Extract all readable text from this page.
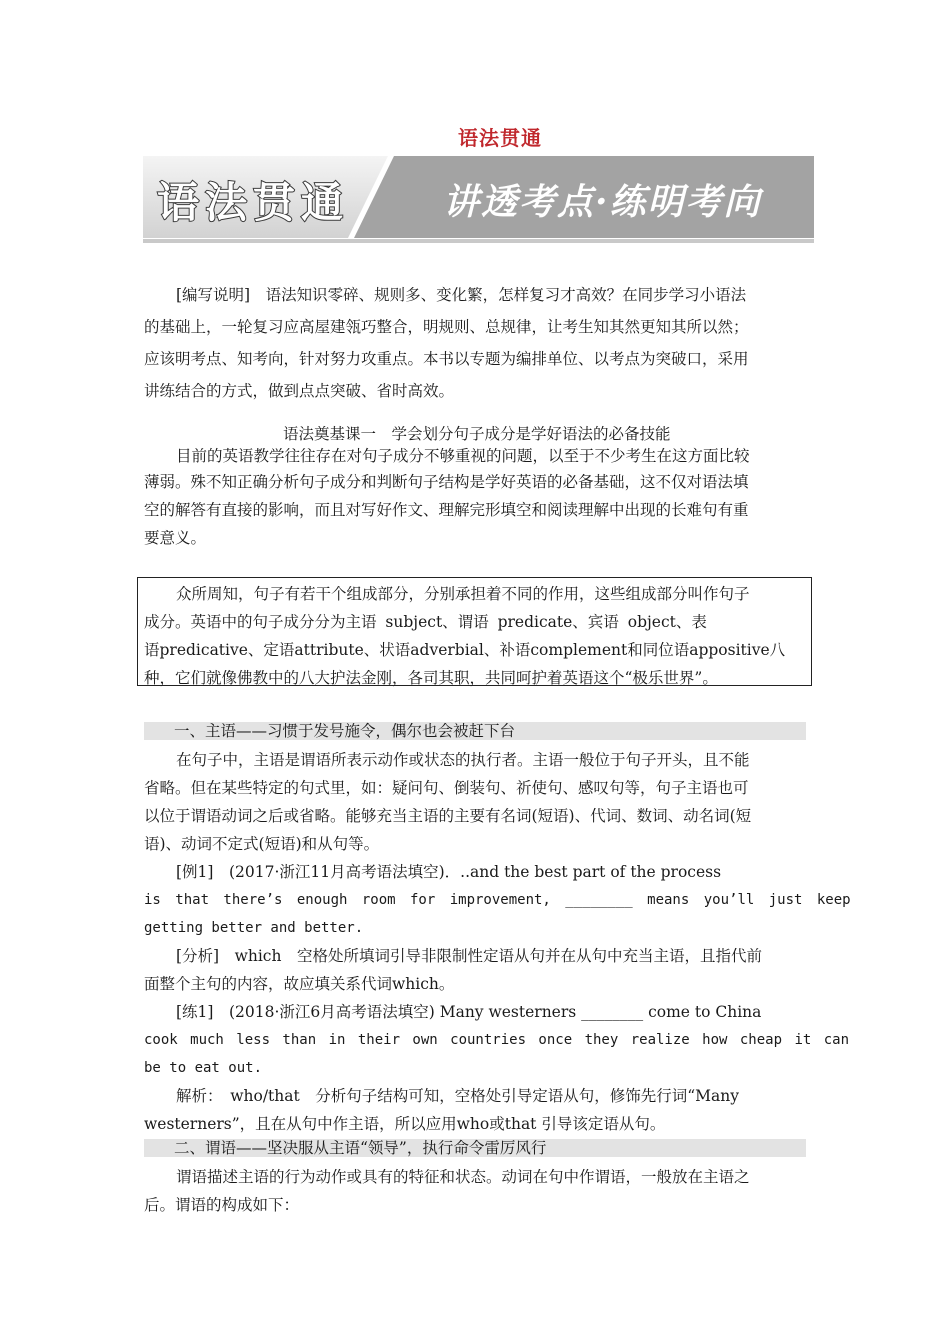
语法贯通
语法贯通	讲透考点·练明考向
[编写说明]　语法知识零碎、规则多、变化繁，怎样复习才高效？在同步学习小语法
的基础上，一轮复习应高屋建瓴巧整合，明规则、总规律，让考生知其然更知其所以然；
应该明考点、知考向，针对努力攻重点。本书以专题为编排单位、以考点为突破口，采用
讲练结合的方式，做到点点突破、省时高效。
语法奠基课一　学会划分句子成分是学好语法的必备技能
目前的英语教学往往存在对句子成分不够重视的问题，以至于不少考生在这方面比较
薄弱。殊不知正确分析句子成分和判断句子结构是学好英语的必备基础，这不仅对语法填
空的解答有直接的影响，而且对写好作文、理解完形填空和阅读理解中出现的长难句有重
要意义。
众所周知，句子有若干个组成部分，分别承担着不同的作用，这些组成部分叫作句子
成分。英语中的句子成分分为主语 subject、谓语 predicate、宾语 object、表
语predicative、定语attribute、状语adverbial、补语complement和同位语appositive八
种，它们就像佛教中的八大护法金刚，各司其职，共同呵护着英语这个“极乐世界”。
一、主语——习惯于发号施令，偶尔也会被赶下台
在句子中，主语是谓语所表示动作或状态的执行者。主语一般位于句子开头，且不能
省略。但在某些特定的句式里，如：疑问句、倒装句、祈使句、感叹句等，句子主语也可
以位于谓语动词之后或省略。能够充当主语的主要有名词(短语)、代词、数词、动名词(短
语)、动词不定式(短语)和从句等。
[例1]　(2017·浙江11月高考语法填空)．..and the best part of the process
is that there’s enough room for improvement, ________ means you’ll just keep
getting better and better.
[分析]　which　空格处所填词引导非限制性定语从句并在从句中充当主语，且指代前
面整个主句的内容，故应填关系代词which。
[练1]　(2018·浙江6月高考语法填空) Many westerners ________ come to China
cook much less than in their own countries once they realize how cheap it can
be to eat out.
解析：　who/that　分析句子结构可知，空格处引导定语从句，修饰先行词“Many
westerners”，且在从句中作主语，所以应用who或that 引导该定语从句。
二、谓语——坚决服从主语“领导”，执行命令雷厉风行
谓语描述主语的行为动作或具有的特征和状态。动词在句中作谓语，一般放在主语之
后。谓语的构成如下：
